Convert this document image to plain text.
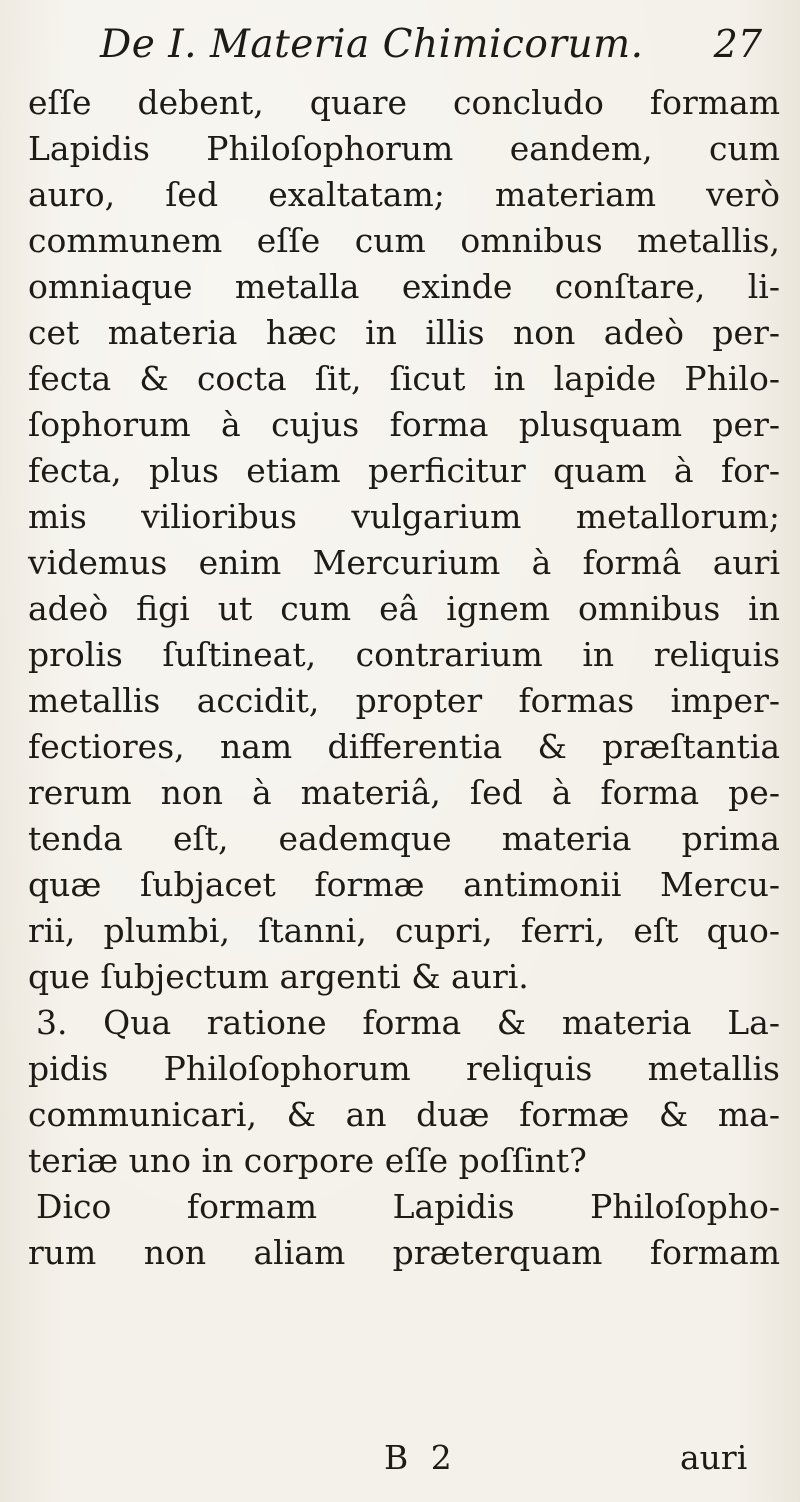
De I. Materia Chimicorum. 27
eſſe debent, quare concludo formam
Lapidis Philoſophorum eandem, cum
auro, ſed exaltatam; materiam verò
communem eſſe cum omnibus metallis,
omniaque metalla exinde conſtare, li-
cet materia hæc in illis non adeò per-
fecta & cocta ſit, ſicut in lapide Philo-
ſophorum à cujus forma plusquam per-
fecta, plus etiam perficitur quam à for-
mis vilioribus vulgarium metallorum;
videmus enim Mercurium à formâ auri
adeò figi ut cum eâ ignem omnibus in
prolis ſuſtineat, contrarium in reliquis
metallis accidit, propter formas imper-
fectiores, nam differentia & præſtantia
rerum non à materiâ, ſed à forma pe-
tenda eſt, eademque materia prima
quæ ſubjacet formæ antimonii Mercu-
rii, plumbi, ſtanni, cupri, ferri, eſt quo-
que ſubjectum argenti & auri.
3. Qua ratione forma & materia La-
pidis Philoſophorum reliquis metallis
communicari, & an duæ formæ & ma-
teriæ uno in corpore eſſe poſſint?
Dico formam Lapidis Philoſopho-
rum non aliam præterquam formam
B 2	auri
